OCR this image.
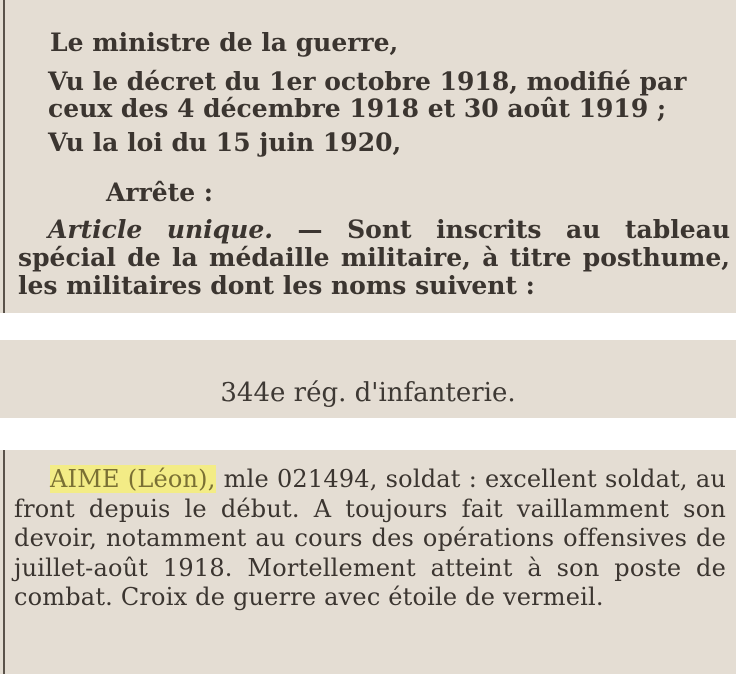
Le ministre de la guerre,

Vu le décret du 1er octobre 1918, modifié par ceux des 4 décembre 1918 et 30 août 1919 ;

Vu la loi du 15 juin 1920,

Arrête :

Article unique. — Sont inscrits au tableau spécial de la médaille militaire, à titre posthume, les militaires dont les noms suivent :

344e rég. d'infanterie.

AIME (Léon), mle 021494, soldat : excellent soldat, au front depuis le début. A toujours fait vaillamment son devoir, notamment au cours des opérations offensives de juillet-août 1918. Mortellement atteint à son poste de combat. Croix de guerre avec étoile de vermeil.
